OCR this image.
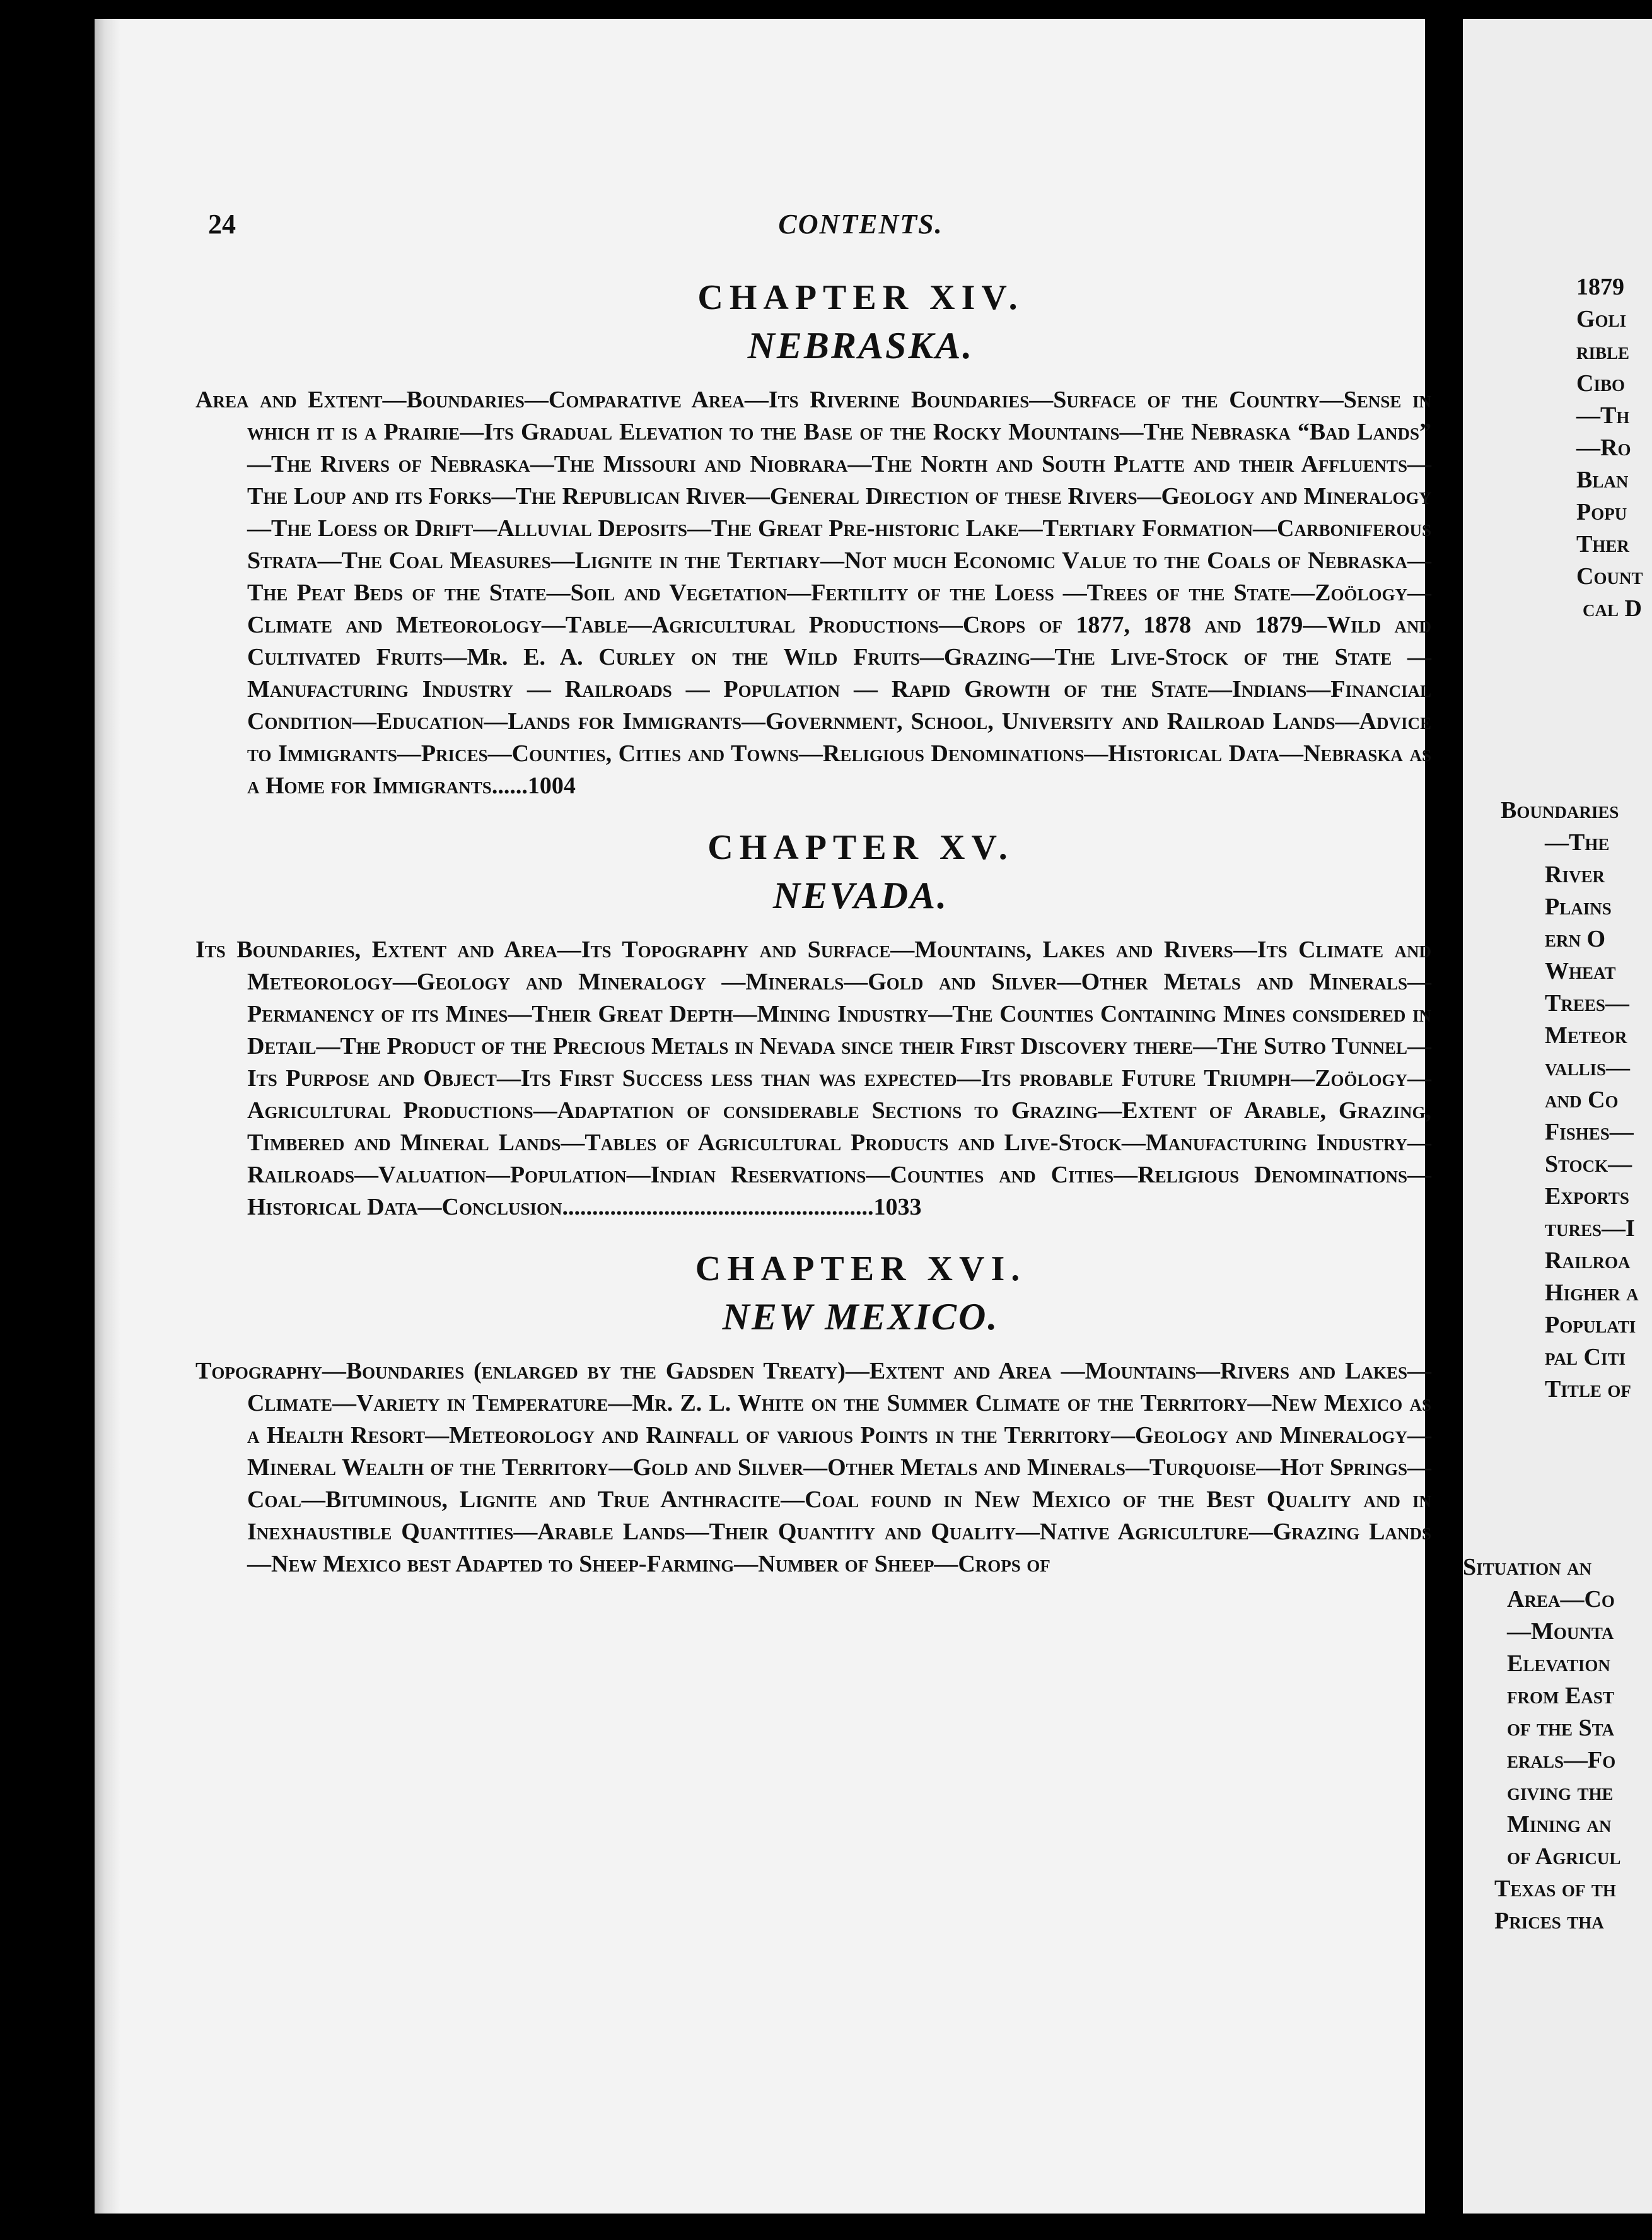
24	CONTENTS.
CHAPTER XIV.
NEBRASKA.
Area and Extent—Boundaries—Comparative Area—Its Riverine Boundaries—Surface of the Country—Sense in which it is a Prairie—Its Gradual Elevation to the Base of the Rocky Mountains—The Nebraska “Bad Lands” —The Rivers of Nebraska—The Missouri and Niobrara—The North and South Platte and their Affluents—The Loup and its Forks—The Republican River—General Direction of these Rivers—Geology and Mineralogy —The Loess or Drift—Alluvial Deposits—The Great Pre-historic Lake—Tertiary Formation—Carboniferous Strata—The Coal Measures—Lignite in the Tertiary—Not much Economic Value to the Coals of Nebraska—The Peat Beds of the State—Soil and Vegetation—Fertility of the Loess —Trees of the State—Zoölogy—Climate and Meteorology—Table—Agricultural Productions—Crops of 1877, 1878 and 1879—Wild and Cultivated Fruits—Mr. E. A. Curley on the Wild Fruits—Grazing—The Live-Stock of the State — Manufacturing Industry — Railroads — Population — Rapid Growth of the State—Indians—Financial Condition—Education—Lands for Immigrants—Government, School, University and Railroad Lands—Advice to Immigrants—Prices—Counties, Cities and Towns—Religious Denominations—Historical Data—Nebraska as a Home for Immigrants......1004
CHAPTER XV.
NEVADA.
Its Boundaries, Extent and Area—Its Topography and Surface—Mountains, Lakes and Rivers—Its Climate and Meteorology—Geology and Mineralogy —Minerals—Gold and Silver—Other Metals and Minerals—Permanency of its Mines—Their Great Depth—Mining Industry—The Counties Containing Mines considered in Detail—The Product of the Precious Metals in Nevada since their First Discovery there—The Sutro Tunnel—Its Purpose and Object—Its First Success less than was expected—Its probable Future Triumph—Zoölogy—Agricultural Productions—Adaptation of considerable Sections to Grazing—Extent of Arable, Grazing, Timbered and Mineral Lands—Tables of Agricultural Products and Live-Stock—Manufacturing Industry—Railroads—Valuation—Population—Indian Reservations—Counties and Cities—Religious Denominations—Historical Data—Conclusion....................................................1033
CHAPTER XVI.
NEW MEXICO.
Topography—Boundaries (enlarged by the Gadsden Treaty)—Extent and Area —Mountains—Rivers and Lakes—Climate—Variety in Temperature—Mr. Z. L. White on the Summer Climate of the Territory—New Mexico as a Health Resort—Meteorology and Rainfall of various Points in the Territory—Geology and Mineralogy—Mineral Wealth of the Territory—Gold and Silver—Other Metals and Minerals—Turquoise—Hot Springs—Coal—Bituminous, Lignite and True Anthracite—Coal found in New Mexico of the Best Quality and in Inexhaustible Quantities—Arable Lands—Their Quantity and Quality—Native Agriculture—Grazing Lands —New Mexico best Adapted to Sheep-Farming—Number of Sheep—Crops of
1879
Goli
rible
Cibo
—Th
—Ro
Blan
Popu
Ther
Count
cal D
Boundaries
—The
River
Plains
ern O
Wheat
Trees—
Meteor
vallis—
and Co
Fishes—
Stock—
Exports
tures—I
Railroa
Higher a
Populati
pal Citi
Title of
Situation an
Area—Co
—Mounta
Elevation
from East
of the Sta
erals—Fo
giving the
Mining an
of Agricul
Texas of th
Prices tha
